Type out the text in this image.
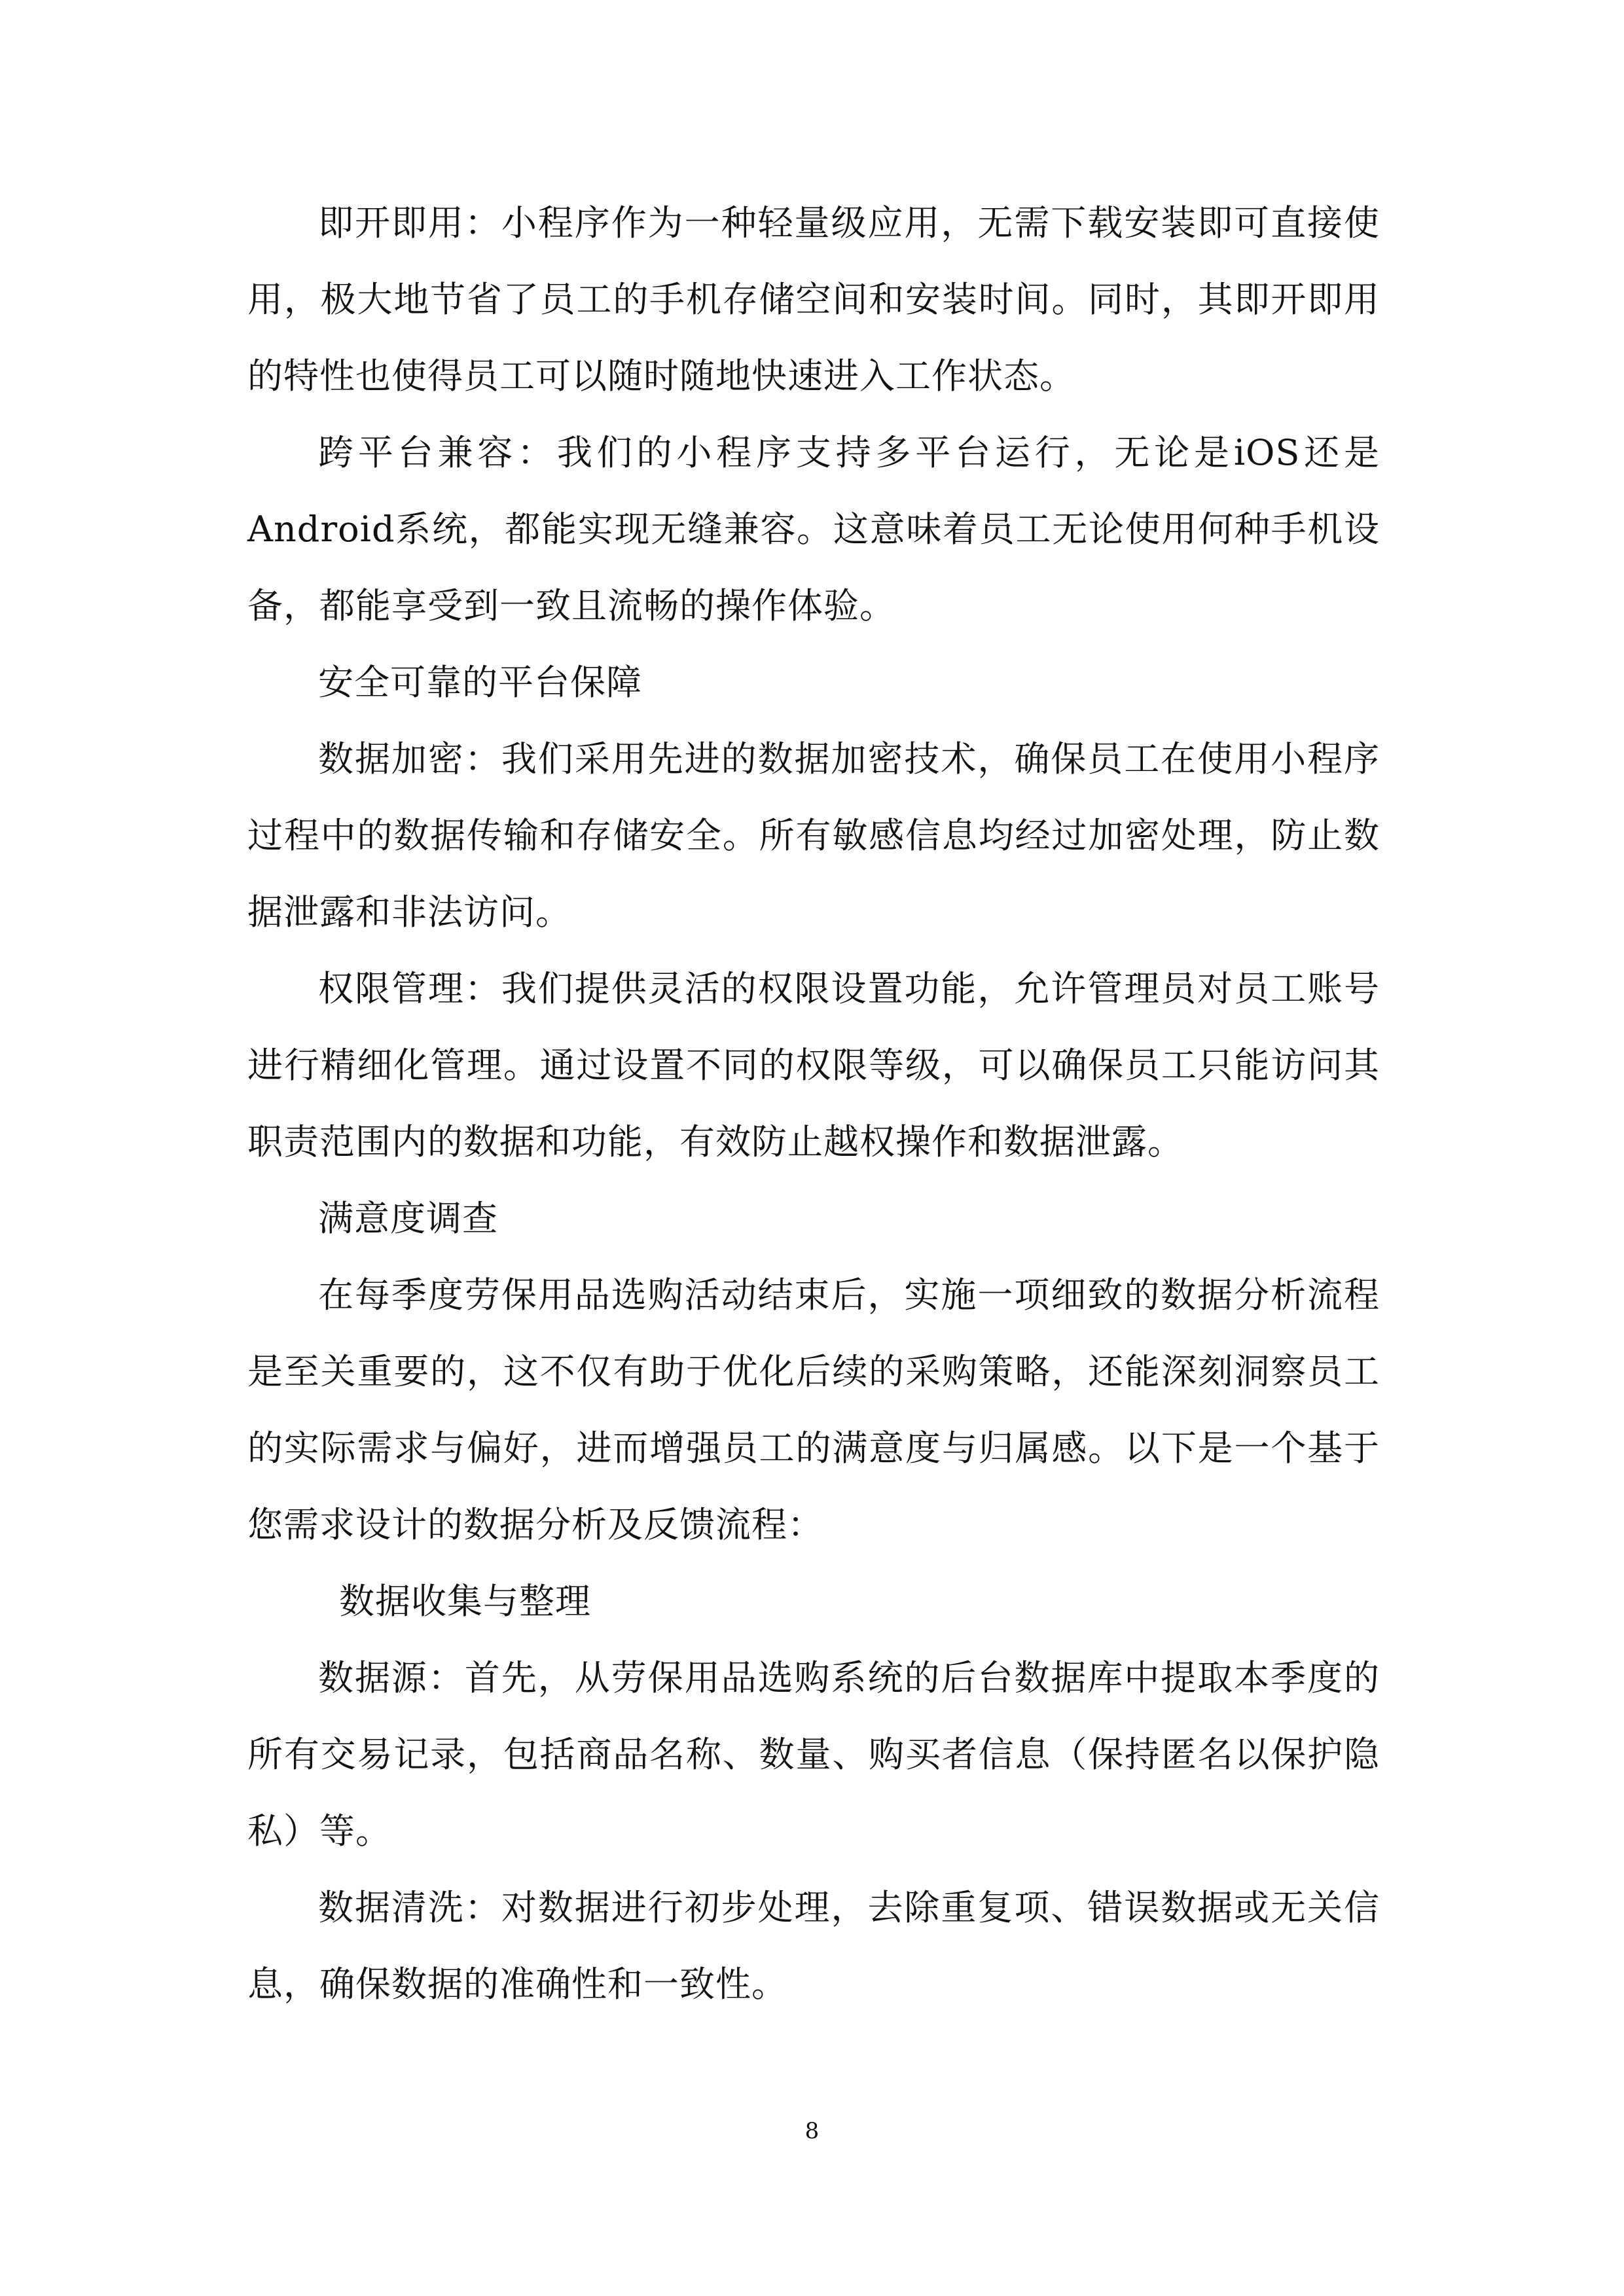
即开即用：小程序作为一种轻量级应用，无需下载安装即可直接使用，极大地节省了员工的手机存储空间和安装时间。同时，其即开即用的特性也使得员工可以随时随地快速进入工作状态。

跨平台兼容：我们的小程序支持多平台运行，无论是iOS还是Android系统，都能实现无缝兼容。这意味着员工无论使用何种手机设备，都能享受到一致且流畅的操作体验。

安全可靠的平台保障

数据加密：我们采用先进的数据加密技术，确保员工在使用小程序过程中的数据传输和存储安全。所有敏感信息均经过加密处理，防止数据泄露和非法访问。

权限管理：我们提供灵活的权限设置功能，允许管理员对员工账号进行精细化管理。通过设置不同的权限等级，可以确保员工只能访问其职责范围内的数据和功能，有效防止越权操作和数据泄露。

满意度调查

在每季度劳保用品选购活动结束后，实施一项细致的数据分析流程是至关重要的，这不仅有助于优化后续的采购策略，还能深刻洞察员工的实际需求与偏好，进而增强员工的满意度与归属感。以下是一个基于您需求设计的数据分析及反馈流程：

数据收集与整理

数据源：首先，从劳保用品选购系统的后台数据库中提取本季度的所有交易记录，包括商品名称、数量、购买者信息（保持匿名以保护隐私）等。

数据清洗：对数据进行初步处理，去除重复项、错误数据或无关信息，确保数据的准确性和一致性。

8
